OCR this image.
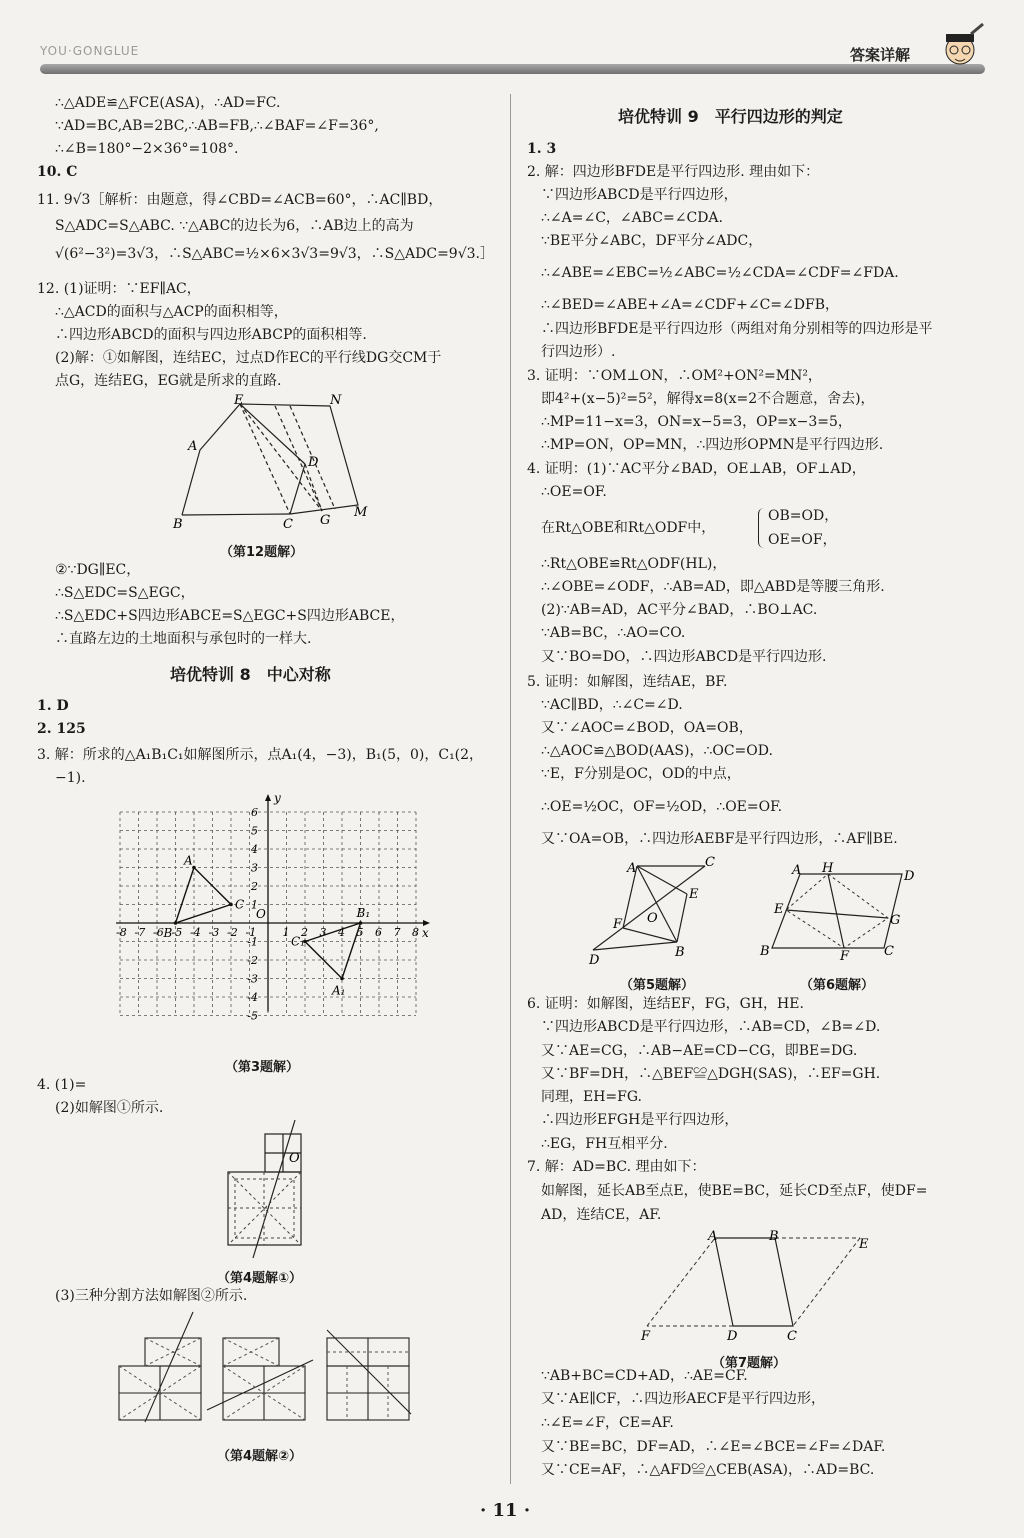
YOU·GONGLUE	答案详解
∴△ADE≌△FCE(ASA)，∴AD=FC.
∵AD=BC,AB=2BC,∴AB=FB,∴∠BAF=∠F=36°,
∴∠B=180°−2×36°=108°.
10. C
11. 9√3［解析：由题意，得∠CBD=∠ACB=60°，∴AC∥BD，
S△ADC=S△ABC. ∵△ABC的边长为6，∴AB边上的高为
√(6²−3²)=3√3，∴S△ABC=½×6×3√3=9√3，∴S△ADC=9√3.］
12. (1)证明：∵EF∥AC，
∴△ACD的面积与△ACP的面积相等，
∴四边形ABCD的面积与四边形ABCP的面积相等.
(2)解：①如解图，连结EC，过点D作EC的平行线DG交CM于
点G，连结EG，EG就是所求的直路.
E	N
A
D
B	C G
M
（第12题解）
②∵DG∥EC，
∴S△EDC=S△EGC，
∴S△EDC+S四边形ABCE=S△EGC+S四边形ABCE，
∴直路左边的土地面积与承包时的一样大.
培优特训 8　中心对称
1. D
2. 125
3. 解：所求的△A₁B₁C₁如解图所示，点A₁(4，−3)，B₁(5，0)，C₁(2，
−1).
x
y
O
-8 -7 -6 -5 -4 -3 -2 -1 1 2 3 4 5 6 7 8
6
5
4
3
2
1
-1
-2
-3
-4
-5
A
B
C
A₁
B₁
C₁
（第3题解）
4. (1)=
(2)如解图①所示.
O
（第4题解①）
(3)三种分割方法如解图②所示.
（第4题解②）
培优特训 9　平行四边形的判定
1. 3
2. 解：四边形BFDE是平行四边形. 理由如下：
∵四边形ABCD是平行四边形，
∴∠A=∠C，∠ABC=∠CDA.
∵BE平分∠ABC，DF平分∠ADC，
∴∠ABE=∠EBC=½∠ABC=½∠CDA=∠CDF=∠FDA.
∴∠BED=∠ABE+∠A=∠CDF+∠C=∠DFB，
∴四边形BFDE是平行四边形（两组对角分别相等的四边形是平
行四边形）.
3. 证明：∵OM⊥ON，∴OM²+ON²=MN²，
即4²+(x−5)²=5²，解得x=8(x=2不合题意，舍去)，
∴MP=11−x=3，ON=x−5=3，OP=x−3=5，
∴MP=ON，OP=MN，∴四边形OPMN是平行四边形.
4. 证明：(1)∵AC平分∠BAD，OE⊥AB，OF⊥AD，
∴OE=OF.
在Rt△OBE和Rt△ODF中，
OB=OD，
OE=OF，
∴Rt△OBE≌Rt△ODF(HL)，
∴∠OBE=∠ODF，∴AB=AD，即△ABD是等腰三角形.
(2)∵AB=AD，AC平分∠BAD，∴BO⊥AC.
∵AB=BC，∴AO=CO.
又∵BO=DO，∴四边形ABCD是平行四边形.
5. 证明：如解图，连结AE，BF.
∵AC∥BD，∴∠C=∠D.
又∵∠AOC=∠BOD，OA=OB，
∴△AOC≌△BOD(AAS)，∴OC=OD.
∵E，F分别是OC，OD的中点，
∴OE=½OC，OF=½OD，∴OE=OF.
又∵OA=OB，∴四边形AEBF是平行四边形，∴AF∥BE.
A
E
O
F
D
B
C
（第5题解）
A H
D
E
G
B	F	C
（第6题解）
6. 证明：如解图，连结EF，FG，GH，HE.
∵四边形ABCD是平行四边形，∴AB=CD，∠B=∠D.
又∵AE=CG，∴AB−AE=CD−CG，即BE=DG.
又∵BF=DH，∴△BEF≌△DGH(SAS)，∴EF=GH.
同理，EH=FG.
∴四边形EFGH是平行四边形，
∴EG，FH互相平分.
7. 解：AD=BC. 理由如下：
如解图，延长AB至点E，使BE=BC，延长CD至点F，使DF=
AD，连结CE，AF.
A	B
E
F	D	C
（第7题解）
∵AB+BC=CD+AD，∴AE=CF.
又∵AE∥CF，∴四边形AECF是平行四边形，
∴∠E=∠F，CE=AF.
又∵BE=BC，DF=AD，∴∠E=∠BCE=∠F=∠DAF.
又∵CE=AF，∴△AFD≌△CEB(ASA)，∴AD=BC.
· 11 ·
